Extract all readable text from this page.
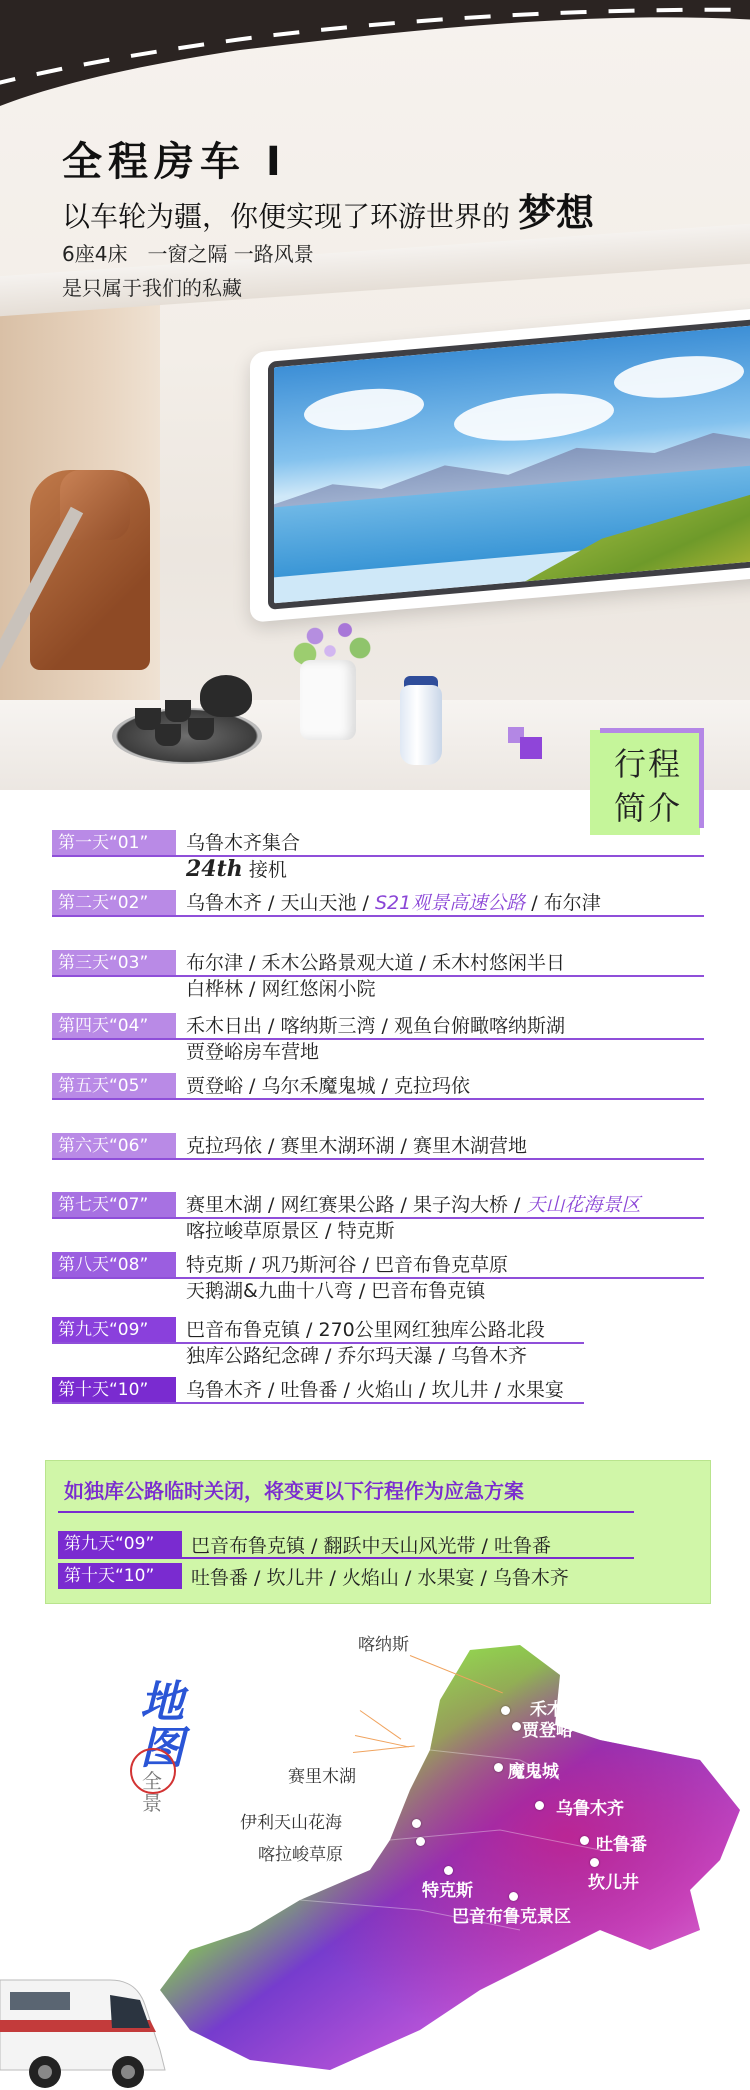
全程房车 I
以车轮为疆，你便实现了环游世界的 梦想
6座4床　一窗之隔 一路风景
是只属于我们的私藏
行程简介
第一天“01”	乌鲁木齐集合
24th 接机
第二天“02”	乌鲁木齐 / 天山天池 / S21观景高速公路 / 布尔津
第三天“03”	布尔津 / 禾木公路景观大道 / 禾木村悠闲半日
白桦林 / 网红悠闲小院
第四天“04”	禾木日出 / 喀纳斯三湾 / 观鱼台俯瞰喀纳斯湖
贾登峪房车营地
第五天“05”	贾登峪 / 乌尔禾魔鬼城 / 克拉玛依
第六天“06”	克拉玛依 / 赛里木湖环湖 / 赛里木湖营地
第七天“07”	赛里木湖 / 网红赛果公路 / 果子沟大桥 / 天山花海景区
喀拉峻草原景区 / 特克斯
第八天“08”	特克斯 / 巩乃斯河谷 / 巴音布鲁克草原
天鹅湖&九曲十八弯 / 巴音布鲁克镇
第九天“09”	巴音布鲁克镇 / 270公里网红独库公路北段
独库公路纪念碑 / 乔尔玛天瀑 / 乌鲁木齐
第十天“10”	乌鲁木齐 / 吐鲁番 / 火焰山 / 坎儿井 / 水果宴
如独库公路临时关闭，将变更以下行程作为应急方案
第九天“09”	巴音布鲁克镇 / 翻跃中天山风光带 / 吐鲁番
第十天“10”	吐鲁番 / 坎儿井 / 火焰山 / 水果宴 / 乌鲁木齐
地图
全景
喀纳斯
禾木
贾登峪
魔鬼城
赛里木湖
乌鲁木齐
伊利天山花海
吐鲁番
喀拉峻草原
坎儿井
特克斯
巴音布鲁克景区
